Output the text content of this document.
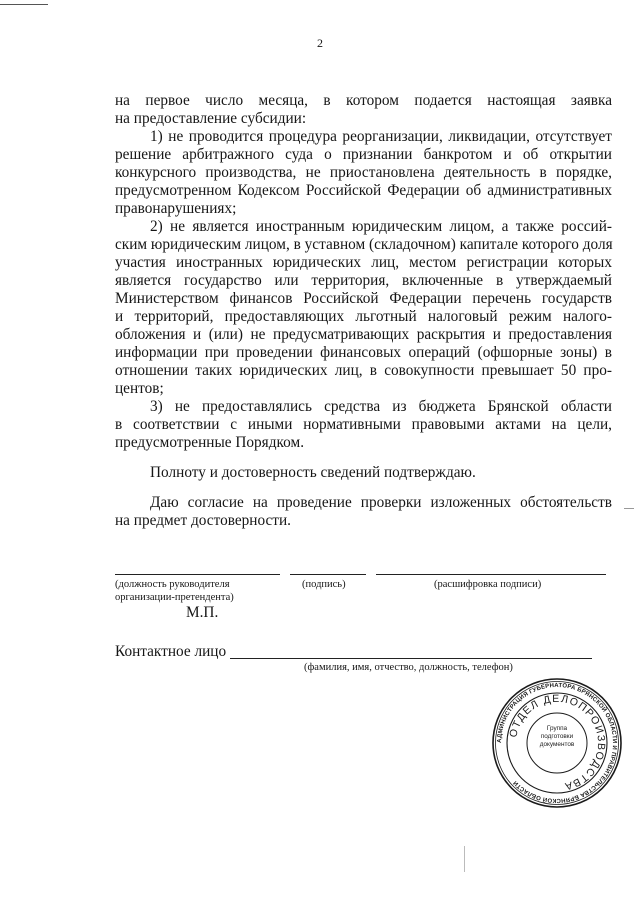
2
на первое число месяца, в котором подается настоящая заявка
на предоставление субсидии:
1) не проводится процедура реорганизации, ликвидации, отсутствует
решение арбитражного суда о признании банкротом и об открытии
конкурсного производства, не приостановлена деятельность в порядке,
предусмотренном Кодексом Российской Федерации об административных
правонарушениях;
2) не является иностранным юридическим лицом, а также россий-
ским юридическим лицом, в уставном (складочном) капитале которого доля
участия иностранных юридических лиц, местом регистрации которых
является государство или территория, включенные в утверждаемый
Министерством финансов Российской Федерации перечень государств
и территорий, предоставляющих льготный налоговый режим налого-
обложения и (или) не предусматривающих раскрытия и предоставления
информации при проведении финансовых операций (офшорные зоны) в
отношении таких юридических лиц, в совокупности превышает 50 про-
центов;
3) не предоставлялись средства из бюджета Брянской области
в соответствии с иными нормативными правовыми актами на цели,
предусмотренные Порядком.
Полноту и достоверность сведений подтверждаю.
Даю согласие на проведение проверки изложенных обстоятельств
на предмет достоверности.
(должность руководителя
организации-претендента)
(подпись)	(расшифровка подписи)
М.П.
Контактное лицо
(фамилия, имя, отчество, должность, телефон)
АДМИНИСТРАЦИЯ ГУБЕРНАТОРА БРЯНСКОЙ ОБЛАСТИ И ПРАВИТЕЛЬСТВА БРЯНСКОЙ ОБЛАСТИ
ОТДЕЛ ДЕЛОПРОИЗВОДСТВА
Группа
подготовки
документов
